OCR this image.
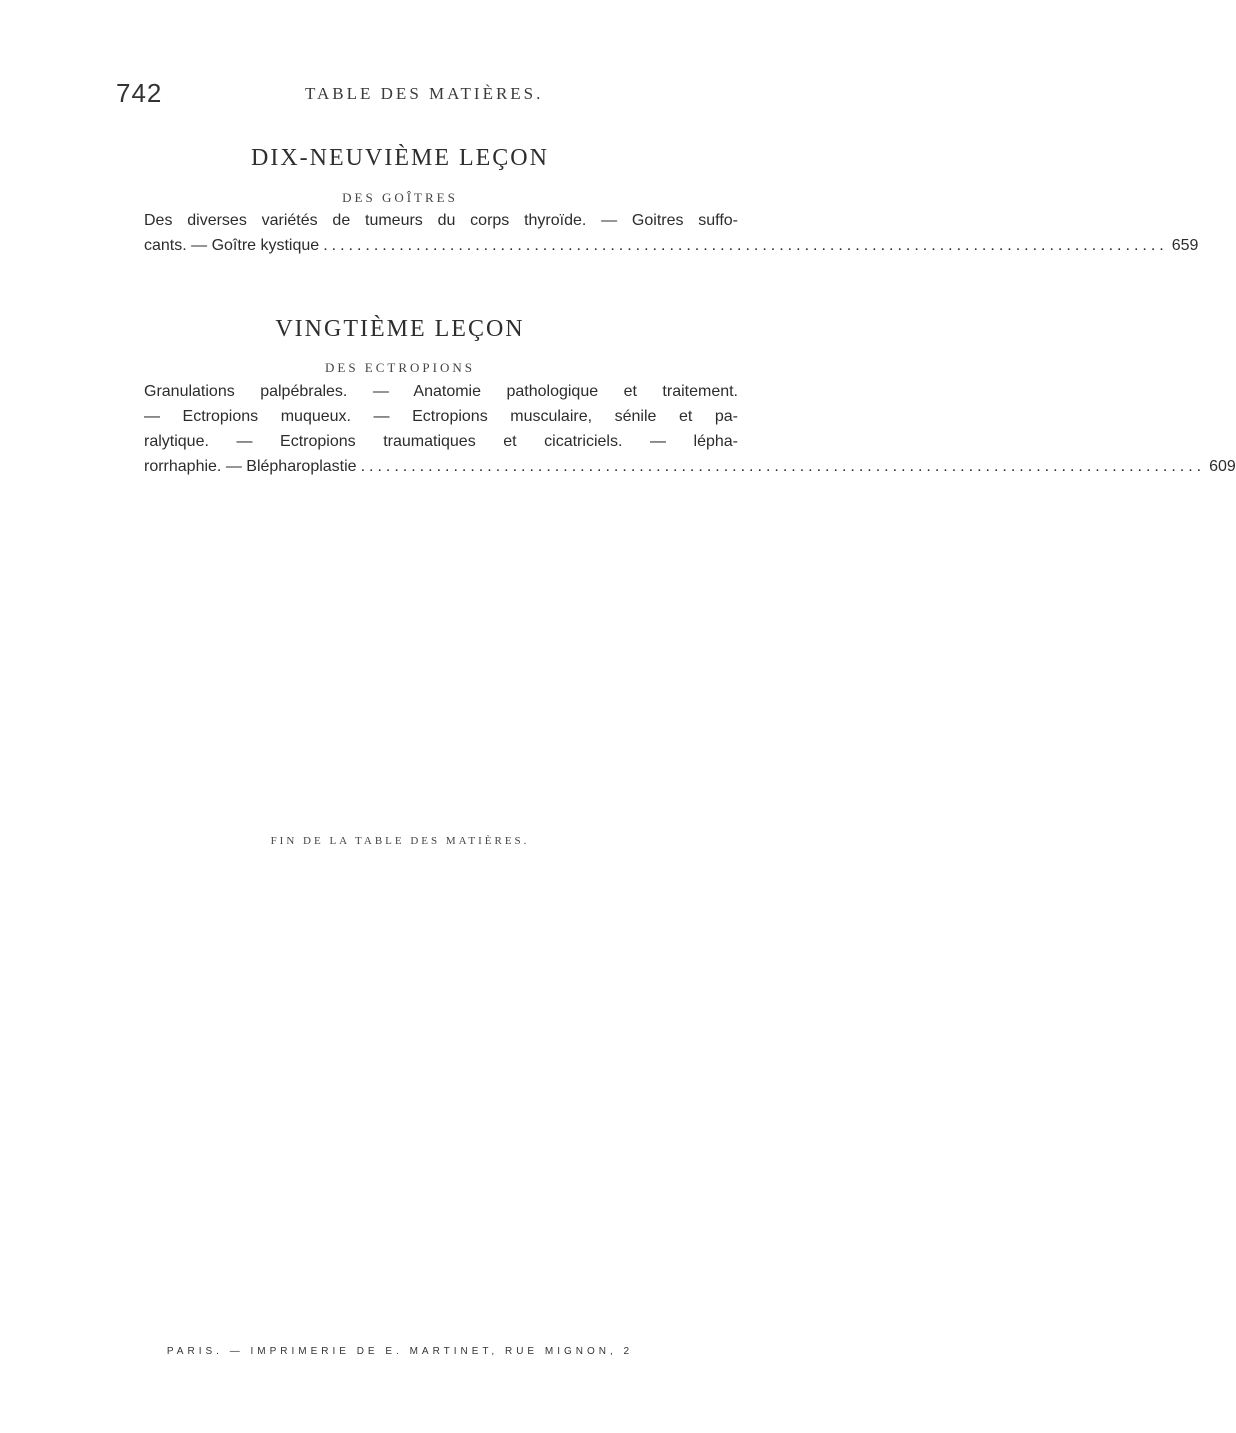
742	TABLE DES MATIÈRES.
DIX-NEUVIÈME LEÇON
DES GOÎTRES
Des diverses variétés de tumeurs du corps thyroïde. — Goitres suffo-
cants. — Goître kystique .................................................................................................... 659
VINGTIÈME LEÇON
DES ECTROPIONS
Granulations palpébrales. — Anatomie pathologique et traitement.
— Ectropions muqueux. — Ectropions musculaire, sénile et pa-
ralytique. — Ectropions traumatiques et cicatriciels. — lépha-
rorrhaphie. — Blépharoplastie .................................................................................................... 609
FIN DE LA TABLE DES MATIÈRES.
PARIS. — IMPRIMERIE DE E. MARTINET, RUE MIGNON, 2
